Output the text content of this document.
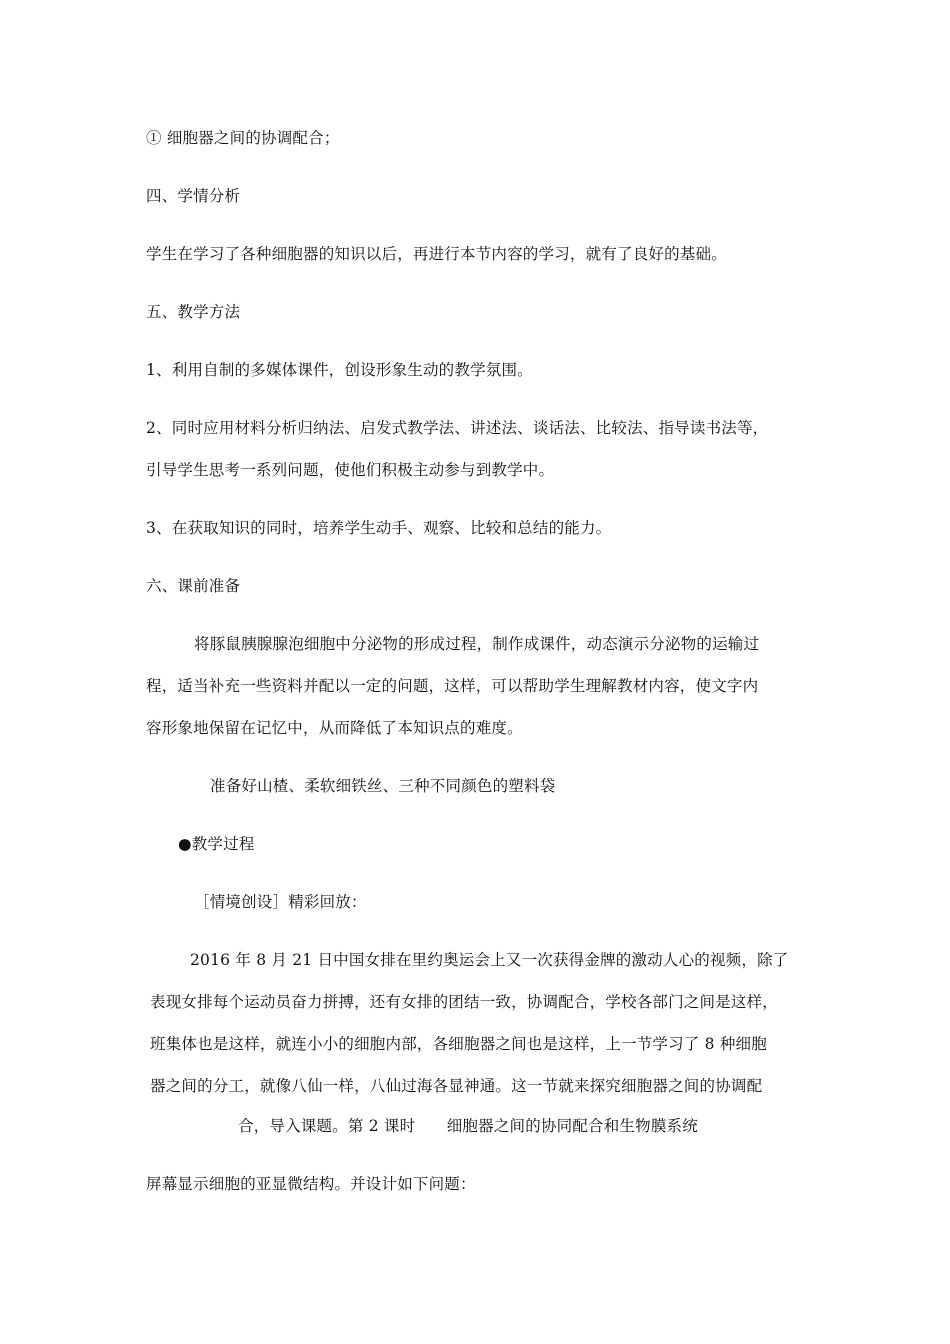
① 细胞器之间的协调配合；
四、学情分析
学生在学习了各种细胞器的知识以后，再进行本节内容的学习，就有了良好的基础。
五、教学方法
1、利用自制的多媒体课件，创设形象生动的教学氛围。
2、同时应用材料分析归纳法、启发式教学法、讲述法、谈话法、比较法、指导读书法等，
引导学生思考一系列问题，使他们积极主动参与到教学中。
3、在获取知识的同时，培养学生动手、观察、比较和总结的能力。
六、课前准备
将豚鼠胰腺腺泡细胞中分泌物的形成过程，制作成课件，动态演示分泌物的运输过
程，适当补充一些资料并配以一定的问题，这样，可以帮助学生理解教材内容，使文字内
容形象地保留在记忆中，从而降低了本知识点的难度。
准备好山楂、柔软细铁丝、三种不同颜色的塑料袋
●教学过程
［情境创设］精彩回放：
2016 年 8 月 21 日中国女排在里约奥运会上又一次获得金牌的激动人心的视频，除了
表现女排每个运动员奋力拼搏，还有女排的团结一致，协调配合，学校各部门之间是这样，
班集体也是这样，就连小小的细胞内部，各细胞器之间也是这样，上一节学习了 8 种细胞
器之间的分工，就像八仙一样，八仙过海各显神通。这一节就来探究细胞器之间的协调配
合，导入课题。第 2 课时　　细胞器之间的协同配合和生物膜系统
屏幕显示细胞的亚显微结构。并设计如下问题：
